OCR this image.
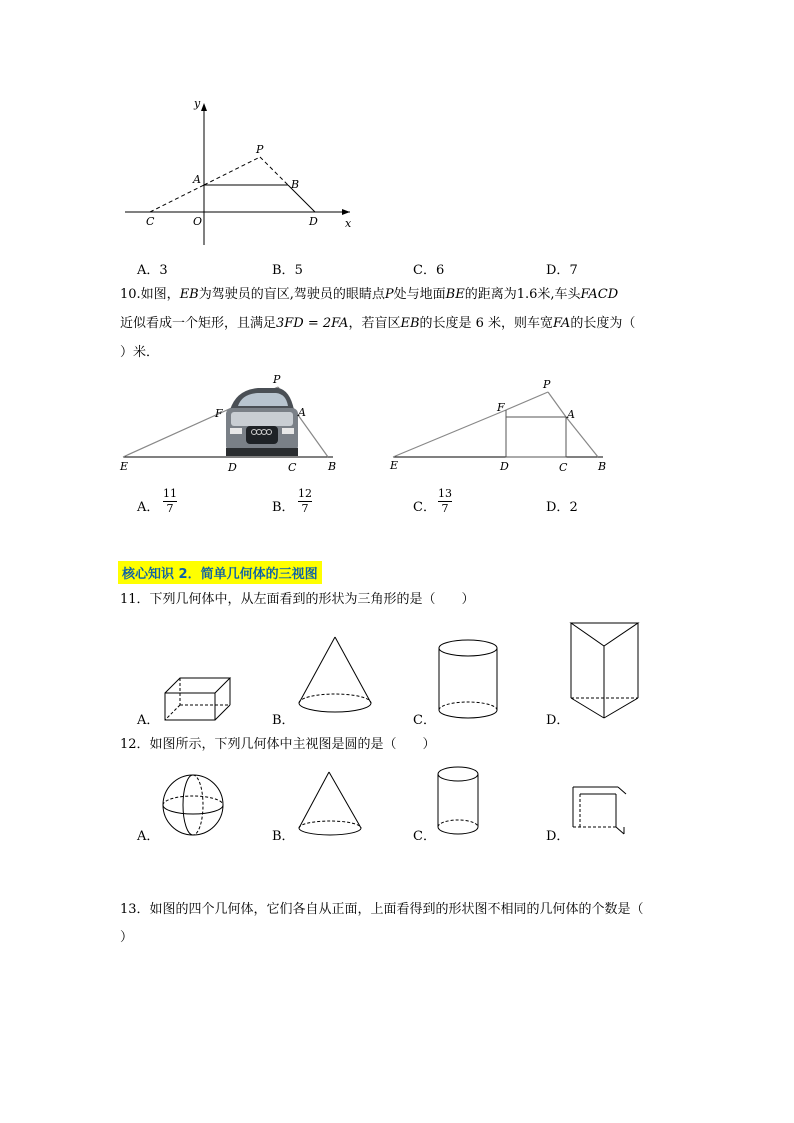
y
x
P
A	B
C	O	D
A．3	B．5	C．6	D．7
10.如图，EB为驾驶员的盲区,驾驶员的眼睛点P处与地面BE的距离为1.6米,车头FACD
近似看成一个矩形，且满足3FD = 2FA，若盲区EB的长度是 6 米，则车宽FA的长度为（
）米．
P
F	A
E	D	C	B
P
F
A
E	D	C	B
A．
11
7	B．
12
7	C．
13
7	D．2
核心知识 2．简单几何体的三视图
11．下列几何体中，从左面看到的形状为三角形的是（　　）
A．	B．	C．	D．
12．如图所示，下列几何体中主视图是圆的是（　　）
A．	B．	C．	D．
13．如图的四个几何体，它们各自从正面，上面看得到的形状图不相同的几何体的个数是（
）
